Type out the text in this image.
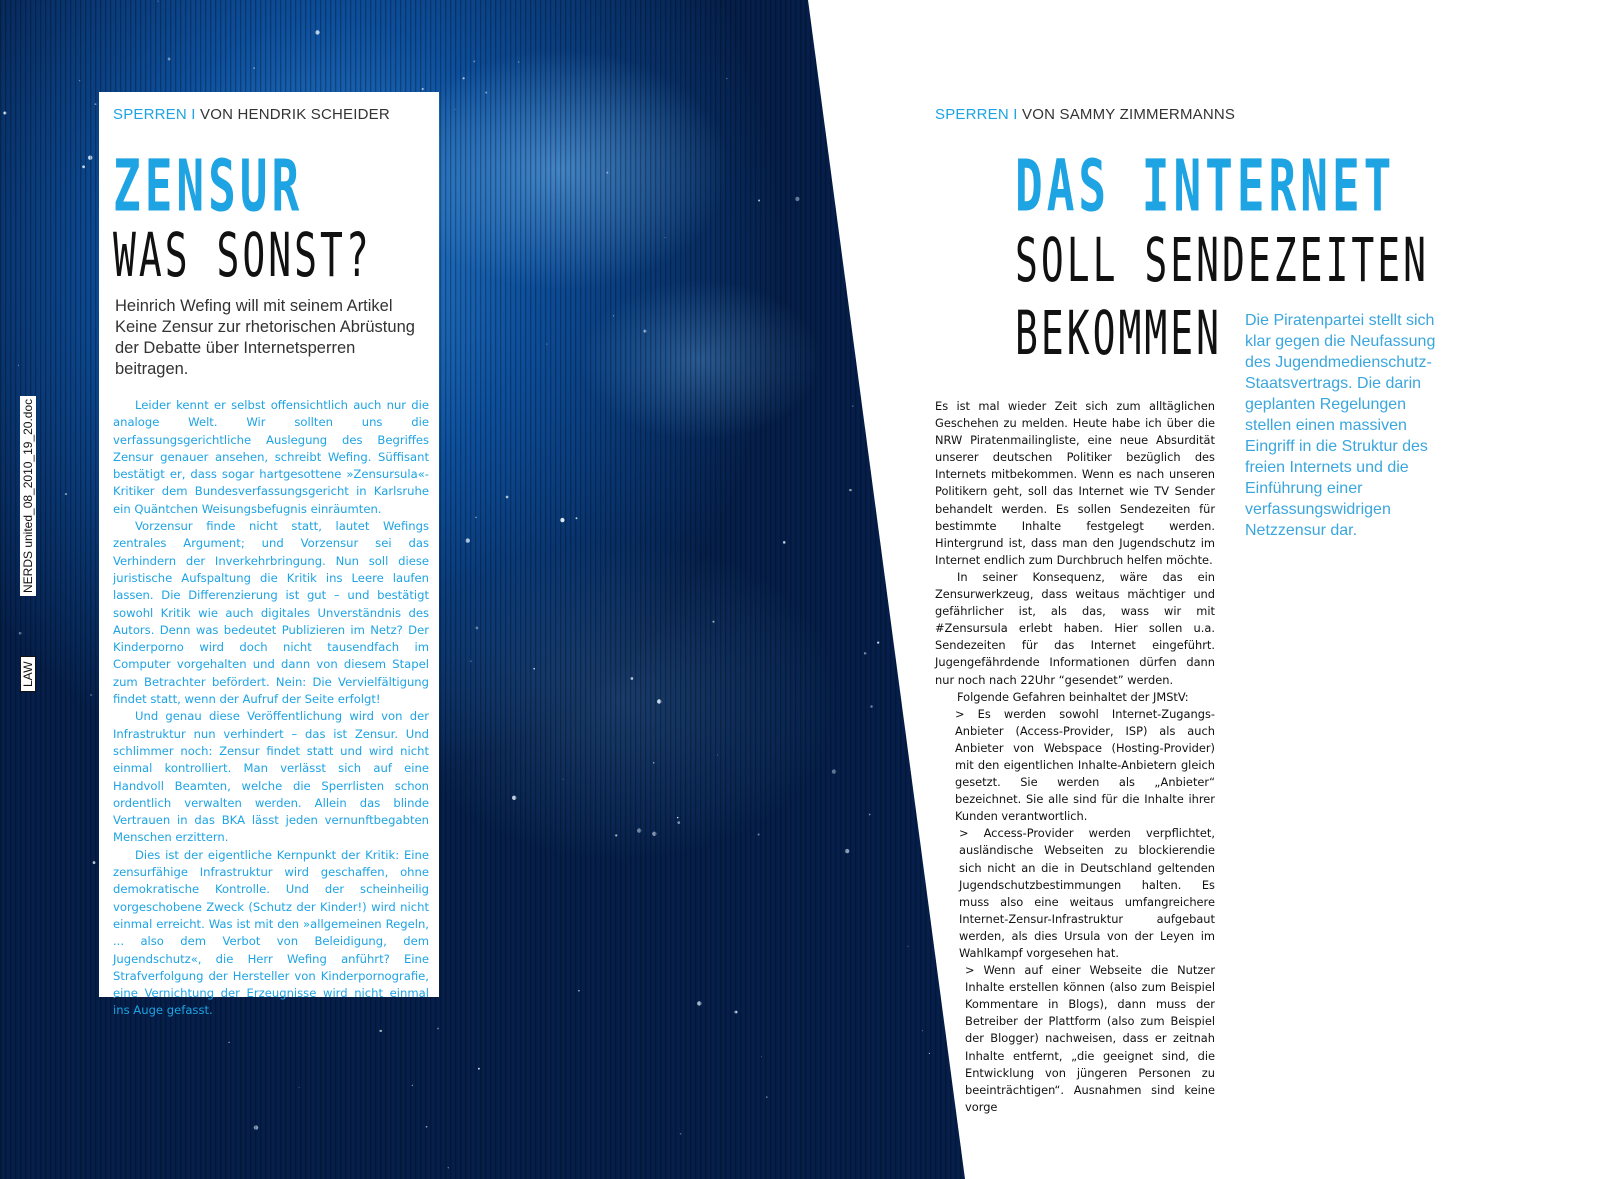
NERDS united_08_2010_19_20.doc
LAW
SPERREN I VON HENDRIK SCHEIDER
ZENSUR
WAS SONST?
Heinrich Wefing will mit seinem Artikel Keine Zensur zur rhetorischen Abrüstung der Debatte über Internetsperren beitragen.

Leider kennt er selbst offensichtlich auch nur die analoge Welt. Wir sollten uns die verfassungsgerichtliche Auslegung des Begriffes Zensur genauer ansehen, schreibt Wefing. Süffisant bestätigt er, dass sogar hartgesottene »Zensursula«-Kritiker dem Bundesverfassungsgericht in Karlsruhe ein Quäntchen Weisungsbefugnis einräumten.

Vorzensur finde nicht statt, lautet Wefings zentrales Argument; und Vorzensur sei das Verhindern der Inverkehrbringung. Nun soll diese juristische Aufspaltung die Kritik ins Leere laufen lassen. Die Differenzierung ist gut – und bestätigt sowohl Kritik wie auch digitales Unverständnis des Autors. Denn was bedeutet Publizieren im Netz? Der Kinderporno wird doch nicht tausendfach im Computer vorgehalten und dann von diesem Stapel zum Betrachter befördert. Nein: Die Vervielfältigung findet statt, wenn der Aufruf der Seite erfolgt!

Und genau diese Veröffentlichung wird von der Infrastruktur nun verhindert – das ist Zensur. Und schlimmer noch: Zensur findet statt und wird nicht einmal kontrolliert. Man verlässt sich auf eine Handvoll Beamten, welche die Sperrlisten schon ordentlich verwalten werden. Allein das blinde Vertrauen in das BKA lässt jeden vernunftbegabten Menschen erzittern.

Dies ist der eigentliche Kernpunkt der Kritik: Eine zensurfähige Infrastruktur wird geschaffen, ohne demokratische Kontrolle. Und der scheinheilig vorgeschobene Zweck (Schutz der Kinder!) wird nicht einmal erreicht. Was ist mit den »allgemeinen Regeln, ... also dem Verbot von Beleidigung, dem Jugendschutz«, die Herr Wefing anführt? Eine Strafverfolgung der Hersteller von Kinderpornografie, eine Vernichtung der Erzeugnisse wird nicht einmal ins Auge gefasst.

SPERREN I VON SAMMY ZIMMERMANNS
DAS INTERNET
SOLL SENDEZEITEN
BEKOMMEN Die Piratenpartei stellt sich klar gegen die Neufassung des Jugendmedienschutz-Staatsvertrags. Die darin geplanten Regelungen stellen einen massiven Eingriff in die Struktur des freien Internets und die Einführung einer verfassungswidrigen Netzzensur dar.

Es ist mal wieder Zeit sich zum alltäglichen Geschehen zu melden. Heute habe ich über die NRW Piratenmailingliste, eine neue Absurdität unserer deutschen Politiker bezüglich des Internets mitbekommen. Wenn es nach unseren Politikern geht, soll das Internet wie TV Sender behandelt werden. Es sollen Sendezeiten für bestimmte Inhalte festgelegt werden. Hintergrund ist, dass man den Jugendschutz im Internet endlich zum Durchbruch helfen möchte.

In seiner Konsequenz, wäre das ein Zensurwerkzeug, dass weitaus mächtiger und gefährlicher ist, als das, wass wir mit #Zensursula erlebt haben. Hier sollen u.a. Sendezeiten für das Internet eingeführt. Jugengefährdende Informationen dürfen dann nur noch nach 22Uhr “gesendet” werden.

Folgende Gefahren beinhaltet der JMStV:

> Es werden sowohl Internet-Zugangs-Anbieter (Access-Provider, ISP) als auch Anbieter von Webspace (Hosting-Provider) mit den eigentlichen Inhalte-Anbietern gleich gesetzt. Sie werden als „Anbieter“ bezeichnet. Sie alle sind für die Inhalte ihrer Kunden verantwortlich.

> Access-Provider werden verpflichtet, ausländische Webseiten zu blockierendie sich nicht an die in Deutschland geltenden Jugendschutzbestimmungen halten. Es muss also eine weitaus umfangreichere Internet-Zensur-Infrastruktur aufgebaut werden, als dies Ursula von der Leyen im Wahlkampf vorgesehen hat.

> Wenn auf einer Webseite die Nutzer Inhalte erstellen können (also zum Beispiel Kommentare in Blogs), dann muss der Betreiber der Plattform (also zum Beispiel der Blogger) nachweisen, dass er zeitnah Inhalte entfernt, „die geeignet sind, die Entwicklung von jüngeren Personen zu beeinträchtigen“. Ausnahmen sind keine vorge
